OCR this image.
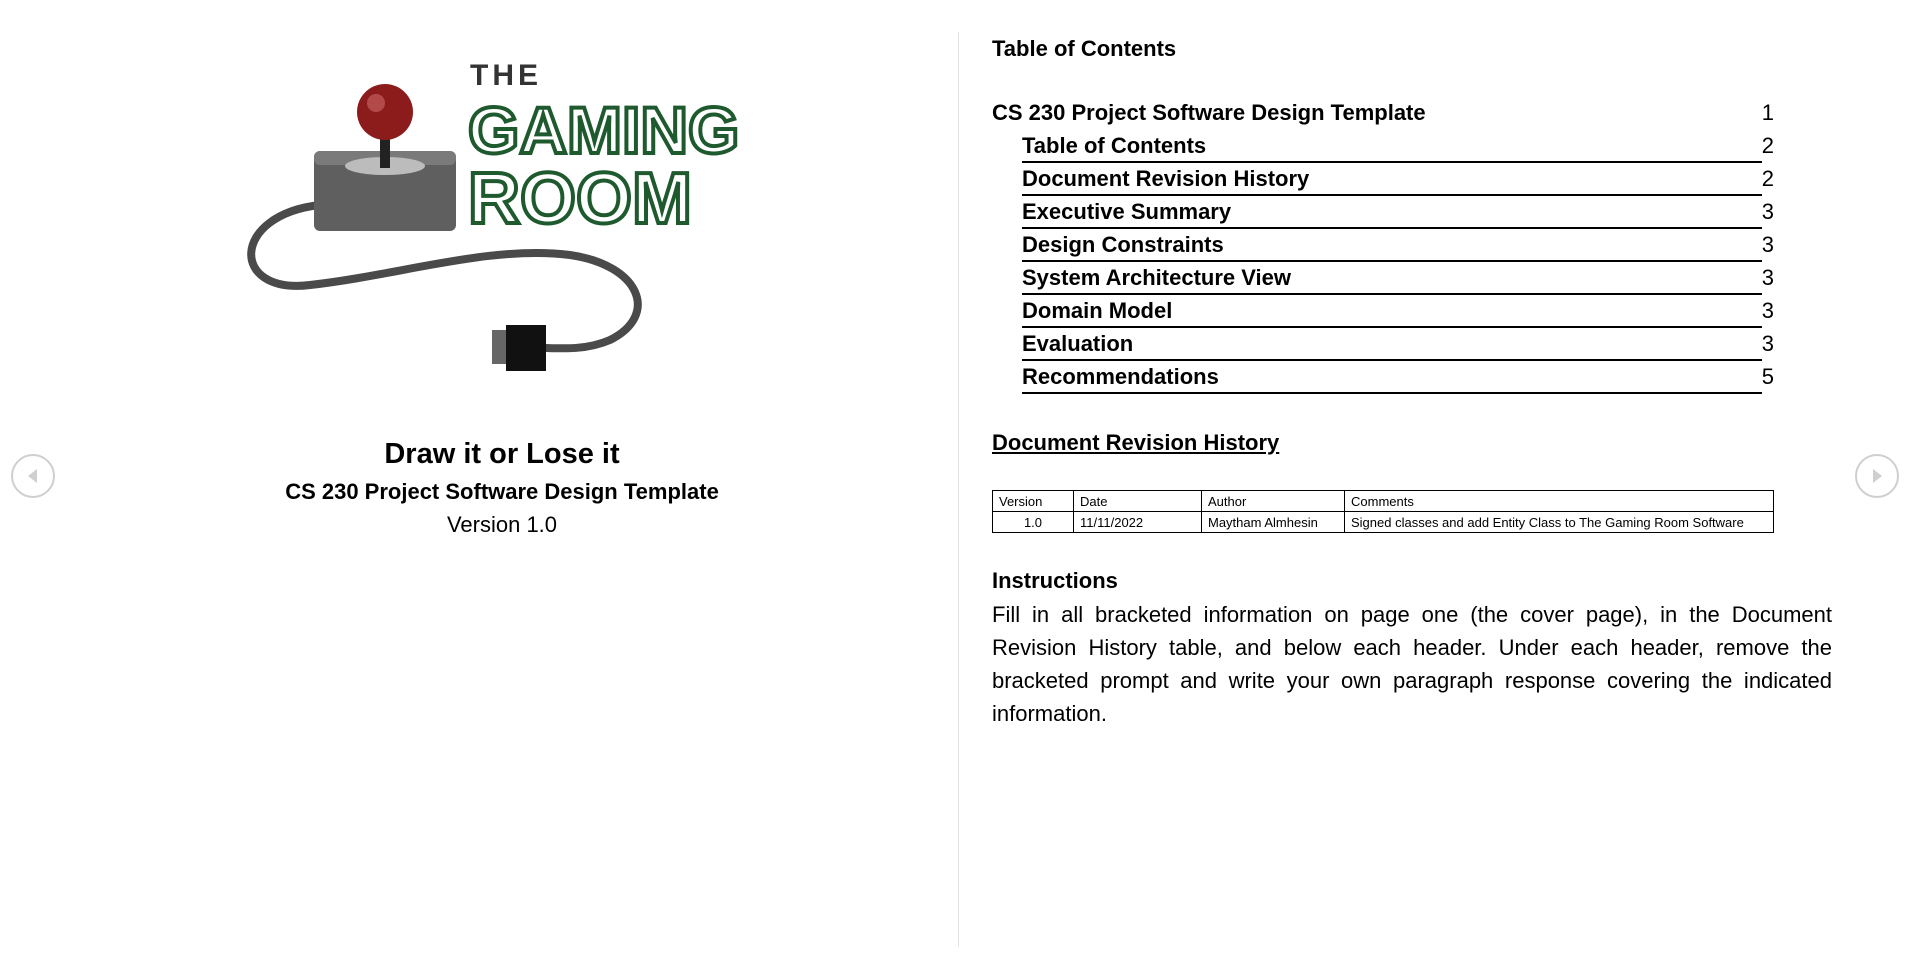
THE
GAMING
ROOM
Draw it or Lose it
CS 230 Project Software Design Template
Version 1.0
Table of Contents
CS 230 Project Software Design Template	1
Table of Contents	2
Document Revision History	2
Executive Summary	3
Design Constraints	3
System Architecture View	3
Domain Model	3
Evaluation	3
Recommendations	5
Document Revision History
Version	Date	Author	Comments
1.0	11/11/2022	Maytham Almhesin	Signed classes and add Entity Class to The Gaming Room Software
Instructions
Fill in all bracketed information on page one (the cover page), in the Document Revision History table, and below each header. Under each header, remove the bracketed prompt and write your own paragraph response covering the indicated information.
